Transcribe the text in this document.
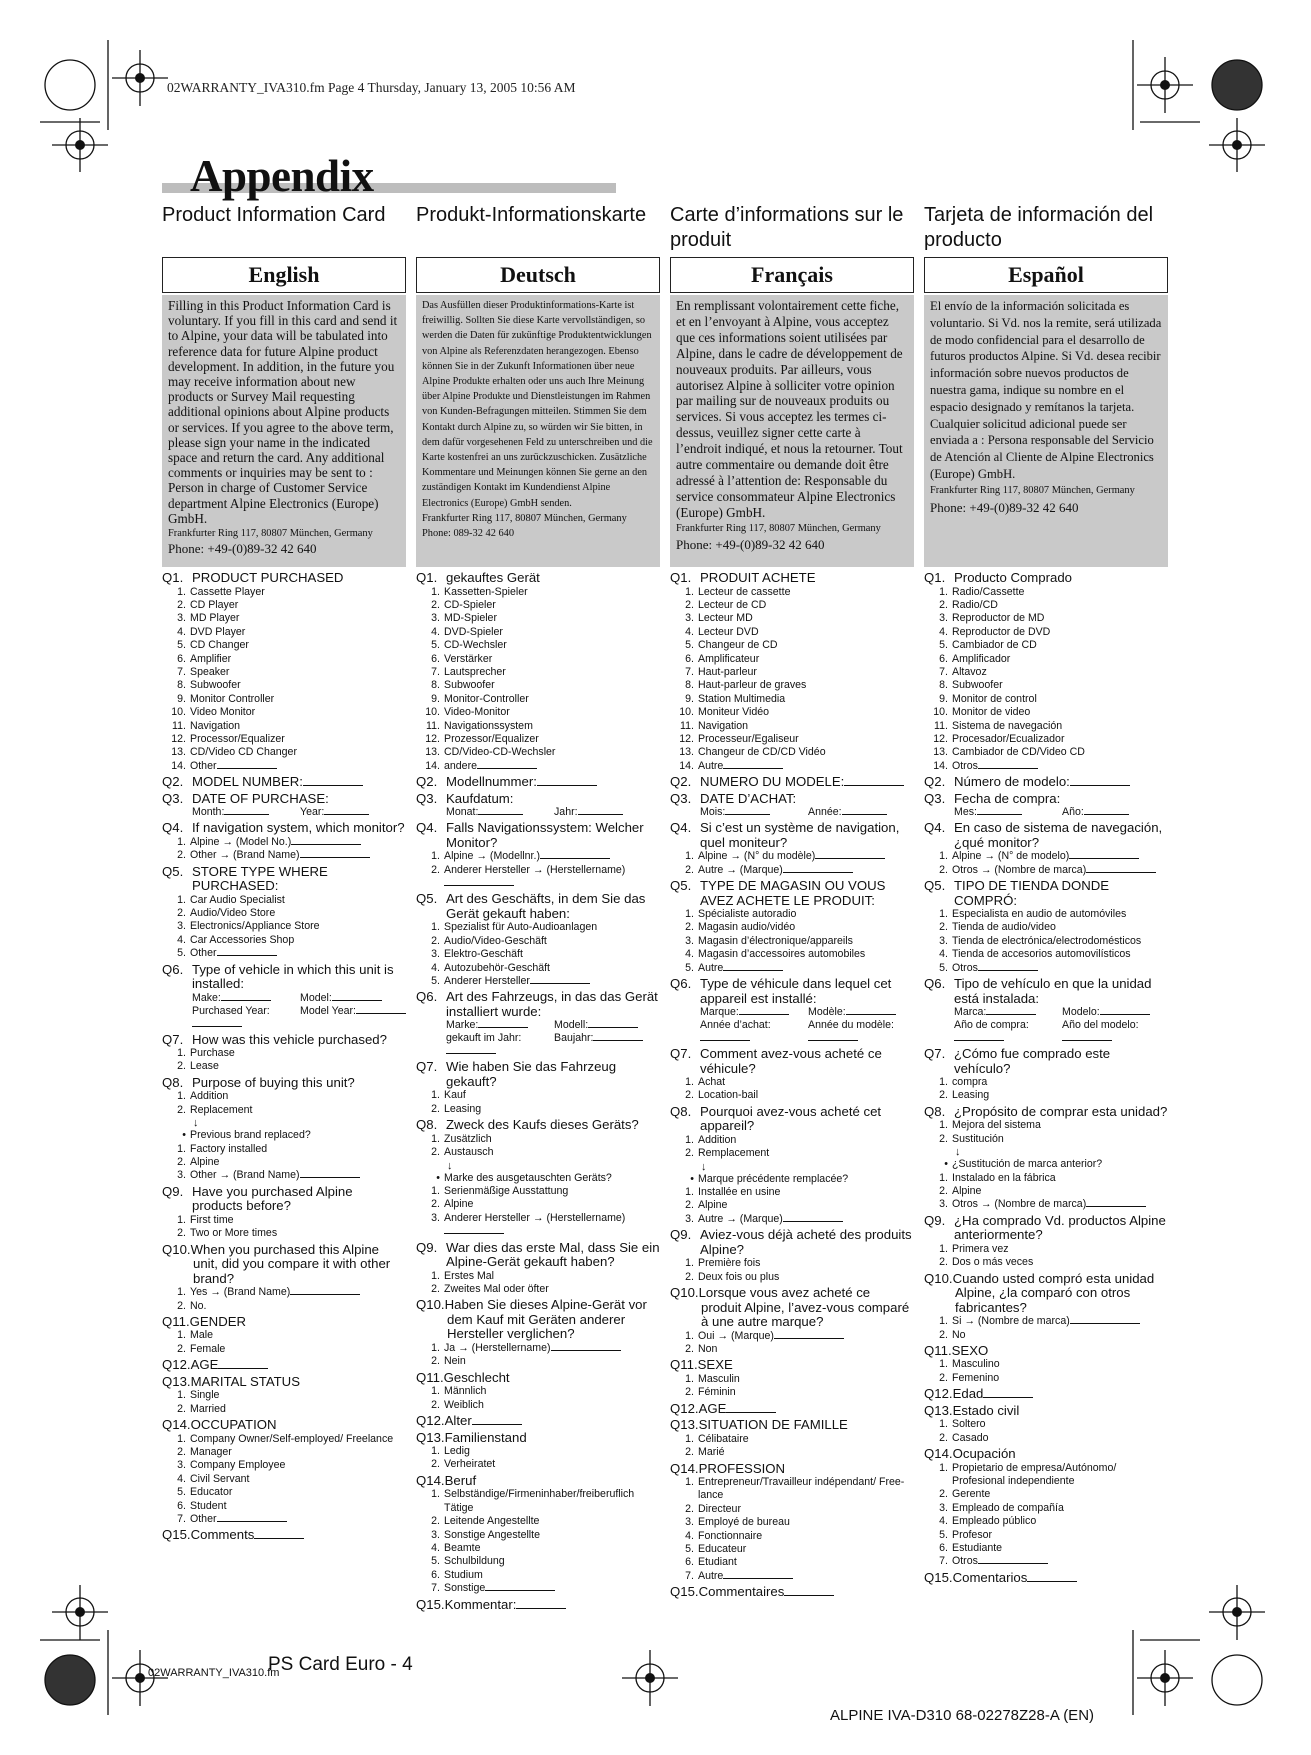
02WARRANTY_IVA310.fm Page 4 Thursday, January 13, 2005 10:56 AM
Appendix
Product Information Card
English
Filling in this Product Information Card is voluntary. If you fill in this card and send it to Alpine, your data will be tabulated into reference data for future Alpine product development. In addition, in the future you may receive information about new products or Survey Mail requesting additional opinions about Alpine products or services. If you agree to the above term, please sign your name in the indicated space and return the card. Any additional comments or inquiries may be sent to : Person in charge of Customer Service department Alpine Electronics (Europe) GmbH.
Frankfurter Ring 117, 80807 München, Germany
Phone: +49-(0)89-32 42 640
Q1. PRODUCT PURCHASED
1. Cassette Player
2. CD Player
3. MD Player
4. DVD Player
5. CD Changer
6. Amplifier
7. Speaker
8. Subwoofer
9. Monitor Controller
10. Video Monitor
11. Navigation
12. Processor/Equalizer
13. CD/Video CD Changer
14. Other
Q2. MODEL NUMBER:
Q3. DATE OF PURCHASE:
Month:	Year:
Q4. If navigation system, which monitor?
1. Alpine → (Model No.)
2. Other → (Brand Name)
Q5. STORE TYPE WHERE PURCHASED:
1. Car Audio Specialist
2. Audio/Video Store
3. Electronics/Appliance Store
4. Car Accessories Shop
5. Other
Q6. Type of vehicle in which this unit is installed:
Make:	Model:
Purchased Year:	Model Year:
Q7. How was this vehicle purchased?
1. Purchase
2. Lease
Q8. Purpose of buying this unit?
1. Addition
2. Replacement
↓
• Previous brand replaced?
1. Factory installed
2. Alpine
3. Other → (Brand Name)
Q9. Have you purchased Alpine products before?
1. First time
2. Two or More times
Q10.When you purchased this Alpine unit, did you compare it with other brand?
1. Yes → (Brand Name)
2. No.
Q11.GENDER
1. Male
2. Female
Q12.AGE
Q13.MARITAL STATUS
1. Single
2. Married
Q14.OCCUPATION
1. Company Owner/Self-employed/ Freelance
2. Manager
3. Company Employee
4. Civil Servant
5. Educator
6. Student
7. Other
Q15.Comments
Produkt-Informationskarte
Deutsch
Das Ausfüllen dieser Produktinformations-Karte ist freiwillig. Sollten Sie diese Karte vervollständigen, so werden die Daten für zukünftige Produktentwicklungen von Alpine als Referenzdaten herangezogen. Ebenso können Sie in der Zukunft Informationen über neue Alpine Produkte erhalten oder uns auch Ihre Meinung über Alpine Produkte und Dienstleistungen im Rahmen von Kunden-Befragungen mitteilen. Stimmen Sie dem Kontakt durch Alpine zu, so würden wir Sie bitten, in dem dafür vorgesehenen Feld zu unterschreiben und die Karte kostenfrei an uns zurückzuschicken. Zusätzliche Kommentare und Meinungen können Sie gerne an den zuständigen Kontakt im Kundendienst Alpine Electronics (Europe) GmbH senden.
Frankfurter Ring 117, 80807 München, Germany
Phone: 089-32 42 640
Q1. gekauftes Gerät
1. Kassetten-Spieler
2. CD-Spieler
3. MD-Spieler
4. DVD-Spieler
5. CD-Wechsler
6. Verstärker
7. Lautsprecher
8. Subwoofer
9. Monitor-Controller
10. Video-Monitor
11. Navigationssystem
12. Prozessor/Equalizer
13. CD/Video-CD-Wechsler
14. andere
Q2. Modellnummer:
Q3. Kaufdatum:
Monat:	Jahr:
Q4. Falls Navigationssystem: Welcher Monitor?
1. Alpine → (Modellnr.)
2. Anderer Hersteller → (Herstellername)
Q5. Art des Geschäfts, in dem Sie das Gerät gekauft haben:
1. Spezialist für Auto-Audioanlagen
2. Audio/Video-Geschäft
3. Elektro-Geschäft
4. Autozubehör-Geschäft
5. Anderer Hersteller
Q6. Art des Fahrzeugs, in das das Gerät installiert wurde:
Marke:	Modell:
gekauft im Jahr:	Baujahr:
Q7. Wie haben Sie das Fahrzeug gekauft?
1. Kauf
2. Leasing
Q8. Zweck des Kaufs dieses Geräts?
1. Zusätzlich
2. Austausch
↓
• Marke des ausgetauschten Geräts?
1. Serienmäßige Ausstattung
2. Alpine
3. Anderer Hersteller → (Herstellername)
Q9. War dies das erste Mal, dass Sie ein Alpine-Gerät gekauft haben?
1. Erstes Mal
2. Zweites Mal oder öfter
Q10.Haben Sie dieses Alpine-Gerät vor dem Kauf mit Geräten anderer Hersteller verglichen?
1. Ja → (Herstellername)
2. Nein
Q11.Geschlecht
1. Männlich
2. Weiblich
Q12.Alter
Q13.Familienstand
1. Ledig
2. Verheiratet
Q14.Beruf
1. Selbständige/Firmeninhaber/freiberuflich Tätige
2. Leitende Angestellte
3. Sonstige Angestellte
4. Beamte
5. Schulbildung
6. Studium
7. Sonstige
Q15.Kommentar:
Carte d’informations sur le produit
Français
En remplissant volontairement cette fiche, et en l’envoyant à Alpine, vous acceptez que ces informations soient utilisées par Alpine, dans le cadre de développement de nouveaux produits. Par ailleurs, vous autorisez Alpine à solliciter votre opinion par mailing sur de nouveaux produits ou services. Si vous acceptez les termes ci-dessus, veuillez signer cette carte à l’endroit indiqué, et nous la retourner. Tout autre commentaire ou demande doit être adressé à l’attention de: Responsable du service consommateur Alpine Electronics (Europe) GmbH.
Frankfurter Ring 117, 80807 München, Germany
Phone: +49-(0)89-32 42 640
Q1. PRODUIT ACHETE
1. Lecteur de cassette
2. Lecteur de CD
3. Lecteur MD
4. Lecteur DVD
5. Changeur de CD
6. Amplificateur
7. Haut-parleur
8. Haut-parleur de graves
9. Station Multimedia
10. Moniteur Vidéo
11. Navigation
12. Processeur/Egaliseur
13. Changeur de CD/CD Vidéo
14. Autre
Q2. NUMERO DU MODELE:
Q3. DATE D’ACHAT:
Mois:	Année:
Q4. Si c’est un système de navigation, quel moniteur?
1. Alpine → (N° du modèle)
2. Autre → (Marque)
Q5. TYPE DE MAGASIN OU VOUS AVEZ ACHETE LE PRODUIT:
1. Spécialiste autoradio
2. Magasin audio/vidéo
3. Magasin d’électronique/appareils
4. Magasin d’accessoires automobiles
5. Autre
Q6. Type de véhicule dans lequel cet appareil est installé:
Marque:	Modèle:
Année d’achat:	Année du modèle:
Q7. Comment avez-vous acheté ce véhicule?
1. Achat
2. Location-bail
Q8. Pourquoi avez-vous acheté cet appareil?
1. Addition
2. Remplacement
↓
• Marque précédente remplacée?
1. Installée en usine
2. Alpine
3. Autre → (Marque)
Q9. Aviez-vous déjà acheté des produits Alpine?
1. Première fois
2. Deux fois ou plus
Q10.Lorsque vous avez acheté ce produit Alpine, l’avez-vous comparé à une autre marque?
1. Oui → (Marque)
2. Non
Q11.SEXE
1. Masculin
2. Féminin
Q12.AGE
Q13.SITUATION DE FAMILLE
1. Célibataire
2. Marié
Q14.PROFESSION
1. Entrepreneur/Travailleur indépendant/ Free-lance
2. Directeur
3. Employé de bureau
4. Fonctionnaire
5. Educateur
6. Etudiant
7. Autre
Q15.Commentaires
Tarjeta de información del producto
Español
El envío de la información solicitada es voluntario. Si Vd. nos la remite, será utilizada de modo confidencial para el desarrollo de futuros productos Alpine. Si Vd. desea recibir información sobre nuevos productos de nuestra gama, indique su nombre en el espacio designado y remítanos la tarjeta. Cualquier solicitud adicional puede ser enviada a : Persona responsable del Servicio de Atención al Cliente de Alpine Electronics (Europe) GmbH.
Frankfurter Ring 117, 80807 München, Germany
Phone: +49-(0)89-32 42 640
Q1. Producto Comprado
1. Radio/Cassette
2. Radio/CD
3. Reproductor de MD
4. Reproductor de DVD
5. Cambiador de CD
6. Amplificador
7. Altavoz
8. Subwoofer
9. Monitor de control
10. Monitor de video
11. Sistema de navegación
12. Procesador/Ecualizador
13. Cambiador de CD/Video CD
14. Otros
Q2. Número de modelo:
Q3. Fecha de compra:
Mes:	Año:
Q4. En caso de sistema de navegación, ¿qué monitor?
1. Alpine → (N° de modelo)
2. Otros → (Nombre de marca)
Q5. TIPO DE TIENDA DONDE COMPRÓ:
1. Especialista en audio de automóviles
2. Tienda de audio/video
3. Tienda de electrónica/electrodomésticos
4. Tienda de accesorios automovilísticos
5. Otros
Q6. Tipo de vehículo en que la unidad está instalada:
Marca:	Modelo:
Año de compra:	Año del modelo:
Q7. ¿Cómo fue comprado este vehículo?
1. compra
2. Leasing
Q8. ¿Propósito de comprar esta unidad?
1. Mejora del sistema
2. Sustitución
↓
• ¿Sustitución de marca anterior?
1. Instalado en la fábrica
2. Alpine
3. Otros → (Nombre de marca)
Q9. ¿Ha comprado Vd. productos Alpine anteriormente?
1. Primera vez
2. Dos o más veces
Q10.Cuando usted compró esta unidad Alpine, ¿la comparó con otros fabricantes?
1. Si → (Nombre de marca)
2. No
Q11.SEXO
1. Masculino
2. Femenino
Q12.Edad
Q13.Estado civil
1. Soltero
2. Casado
Q14.Ocupación
1. Propietario de empresa/Autónomo/ Profesional independiente
2. Gerente
3. Empleado de compañía
4. Empleado público
5. Profesor
6. Estudiante
7. Otros
Q15.Comentarios
02WARRANTY_IVA310.fm
PS Card Euro - 4
ALPINE IVA-D310 68-02278Z28-A (EN)
